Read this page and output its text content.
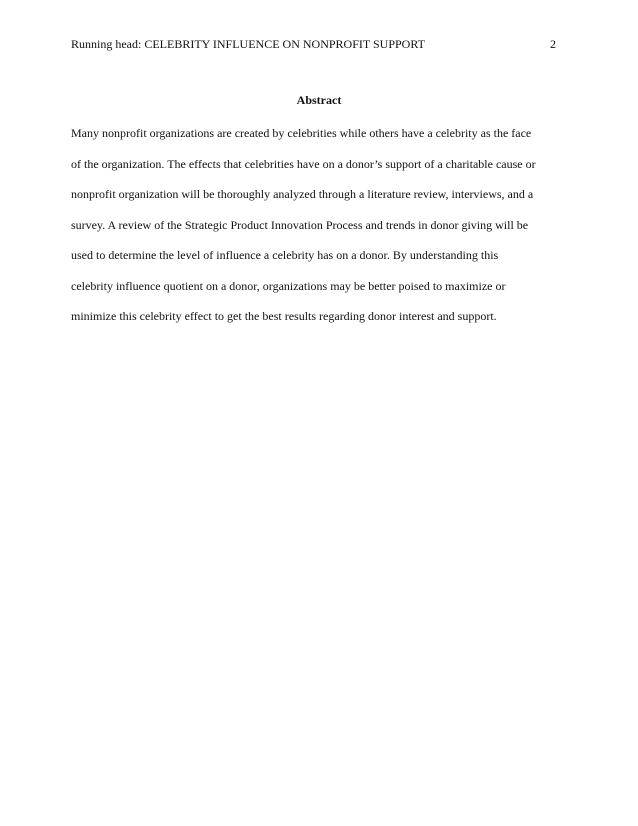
Running head: CELEBRITY INFLUENCE ON NONPROFIT SUPPORT	2
Abstract
Many nonprofit organizations are created by celebrities while others have a celebrity as the face
of the organization. The effects that celebrities have on a donor’s support of a charitable cause or
nonprofit organization will be thoroughly analyzed through a literature review, interviews, and a
survey. A review of the Strategic Product Innovation Process and trends in donor giving will be
used to determine the level of influence a celebrity has on a donor. By understanding this
celebrity influence quotient on a donor, organizations may be better poised to maximize or
minimize this celebrity effect to get the best results regarding donor interest and support.
